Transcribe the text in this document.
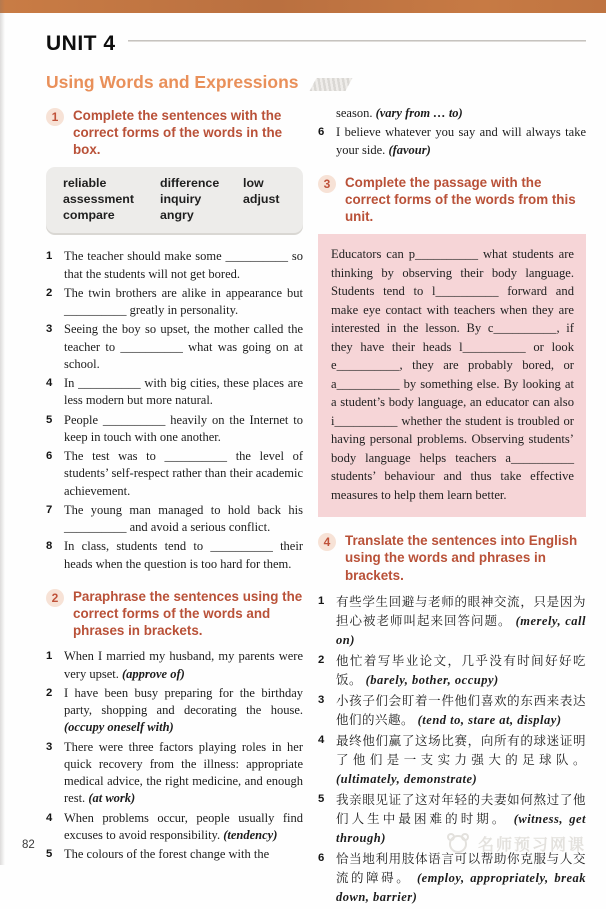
UNIT 4
Using Words and Expressions
1	Complete the sentences with the correct forms of the words in the box.
reliable	difference	low
assessment	inquiry	adjust
compare	angry
1 The teacher should make some __________ so that the students will not get bored.
2 The twin brothers are alike in appearance but __________ greatly in personality.
3 Seeing the boy so upset, the mother called the teacher to __________ what was going on at school.
4 In __________ with big cities, these places are less modern but more natural.
5 People __________ heavily on the Internet to keep in touch with one another.
6 The test was to __________ the level of students’ self-respect rather than their academic achievement.
7 The young man managed to hold back his __________ and avoid a serious conflict.
8 In class, students tend to __________ their heads when the question is too hard for them.
2	Paraphrase the sentences using the correct forms of the words and phrases in brackets.
1 When I married my husband, my parents were very upset. (approve of)
2 I have been busy preparing for the birthday party, shopping and decorating the house. (occupy oneself with)
3 There were three factors playing roles in her quick recovery from the illness: appropriate medical advice, the right medicine, and enough rest. (at work)
4 When problems occur, people usually find excuses to avoid responsibility. (tendency)
5 The colours of the forest change with the
season. (vary from … to)
6 I believe whatever you say and will always take your side. (favour)
3	Complete the passage with the correct forms of the words from this unit.
Educators can p__________ what students are thinking by observing their body language. Students tend to l__________ forward and make eye contact with teachers when they are interested in the lesson. By c__________, if they have their heads l__________ or look e__________, they are probably bored, or a__________ by something else. By looking at a student’s body language, an educator can also i__________ whether the student is troubled or having personal problems. Observing students’ body language helps teachers a__________ students’ behaviour and thus take effective measures to help them learn better.
4	Translate the sentences into English using the words and phrases in brackets.
1 有些学生回避与老师的眼神交流，只是因为担心被老师叫起来回答问题。 (merely, call on)
2 他忙着写毕业论文，几乎没有时间好好吃饭。 (barely, bother, occupy)
3 小孩子们会盯着一件他们喜欢的东西来表达他们的兴趣。 (tend to, stare at, display)
4 最终他们赢了这场比赛，向所有的球迷证明了他们是一支实力强大的足球队。 (ultimately, demonstrate)
5 我亲眼见证了这对年轻的夫妻如何熬过了他们人生中最困难的时期。 (witness, get through)
6 恰当地利用肢体语言可以帮助你克服与人交流的障碍。 (employ, appropriately, break down, barrier)
82	名师预习网课
